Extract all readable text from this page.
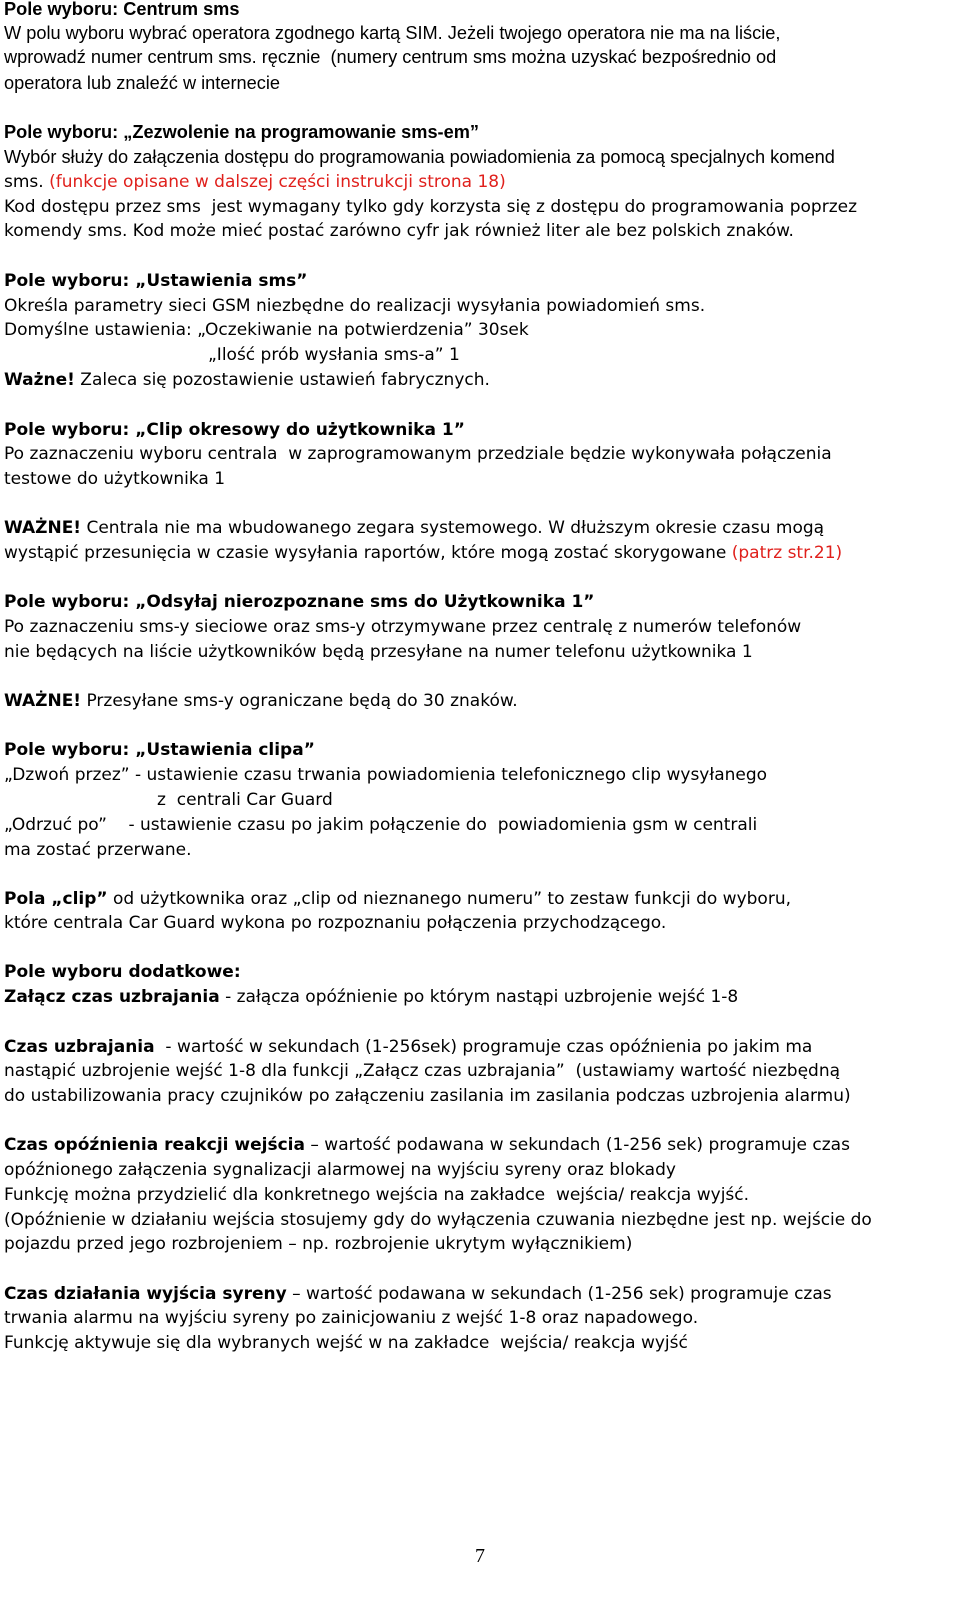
Pole wyboru: Centrum sms
W polu wyboru wybrać operatora zgodnego kartą SIM. Jeżeli twojego operatora nie ma na liście,
wprowadź numer centrum sms. ręcznie  (numery centrum sms można uzyskać bezpośrednio od
operatora lub znaleźć w internecie
Pole wyboru: „Zezwolenie na programowanie sms-em”
Wybór służy do załączenia dostępu do programowania powiadomienia za pomocą specjalnych komend
sms. (funkcje opisane w dalszej części instrukcji strona 18)
Kod dostępu przez sms  jest wymagany tylko gdy korzysta się z dostępu do programowania poprzez
komendy sms. Kod może mieć postać zarówno cyfr jak również liter ale bez polskich znaków.
Pole wyboru: „Ustawienia sms”
Określa parametry sieci GSM niezbędne do realizacji wysyłania powiadomień sms.
Domyślne ustawienia: „Oczekiwanie na potwierdzenia” 30sek
„Ilość prób wysłania sms-a” 1
Ważne! Zaleca się pozostawienie ustawień fabrycznych.
Pole wyboru: „Clip okresowy do użytkownika 1”
Po zaznaczeniu wyboru centrala  w zaprogramowanym przedziale będzie wykonywała połączenia
testowe do użytkownika 1
WAŻNE! Centrala nie ma wbudowanego zegara systemowego. W dłuższym okresie czasu mogą
wystąpić przesunięcia w czasie wysyłania raportów, które mogą zostać skorygowane (patrz str.21)
Pole wyboru: „Odsyłaj nierozpoznane sms do Użytkownika 1”
Po zaznaczeniu sms-y sieciowe oraz sms-y otrzymywane przez centralę z numerów telefonów
nie będących na liście użytkowników będą przesyłane na numer telefonu użytkownika 1
WAŻNE! Przesyłane sms-y ograniczane będą do 30 znaków.
Pole wyboru: „Ustawienia clipa”
„Dzwoń przez” - ustawienie czasu trwania powiadomienia telefonicznego clip wysyłanego
z  centrali Car Guard
„Odrzuć po”    - ustawienie czasu po jakim połączenie do  powiadomienia gsm w centrali
ma zostać przerwane.
Pola „clip” od użytkownika oraz „clip od nieznanego numeru” to zestaw funkcji do wyboru,
które centrala Car Guard wykona po rozpoznaniu połączenia przychodzącego.
Pole wyboru dodatkowe:
Załącz czas uzbrajania - załącza opóźnienie po którym nastąpi uzbrojenie wejść 1-8
Czas uzbrajania  - wartość w sekundach (1-256sek) programuje czas opóźnienia po jakim ma
nastąpić uzbrojenie wejść 1-8 dla funkcji „Załącz czas uzbrajania”  (ustawiamy wartość niezbędną
do ustabilizowania pracy czujników po załączeniu zasilania im zasilania podczas uzbrojenia alarmu)
Czas opóźnienia reakcji wejścia – wartość podawana w sekundach (1-256 sek) programuje czas
opóźnionego załączenia sygnalizacji alarmowej na wyjściu syreny oraz blokady
Funkcję można przydzielić dla konkretnego wejścia na zakładce  wejścia/ reakcja wyjść.
(Opóźnienie w działaniu wejścia stosujemy gdy do wyłączenia czuwania niezbędne jest np. wejście do
pojazdu przed jego rozbrojeniem – np. rozbrojenie ukrytym wyłącznikiem)
Czas działania wyjścia syreny – wartość podawana w sekundach (1-256 sek) programuje czas
trwania alarmu na wyjściu syreny po zainicjowaniu z wejść 1-8 oraz napadowego.
Funkcję aktywuje się dla wybranych wejść w na zakładce  wejścia/ reakcja wyjść
7
